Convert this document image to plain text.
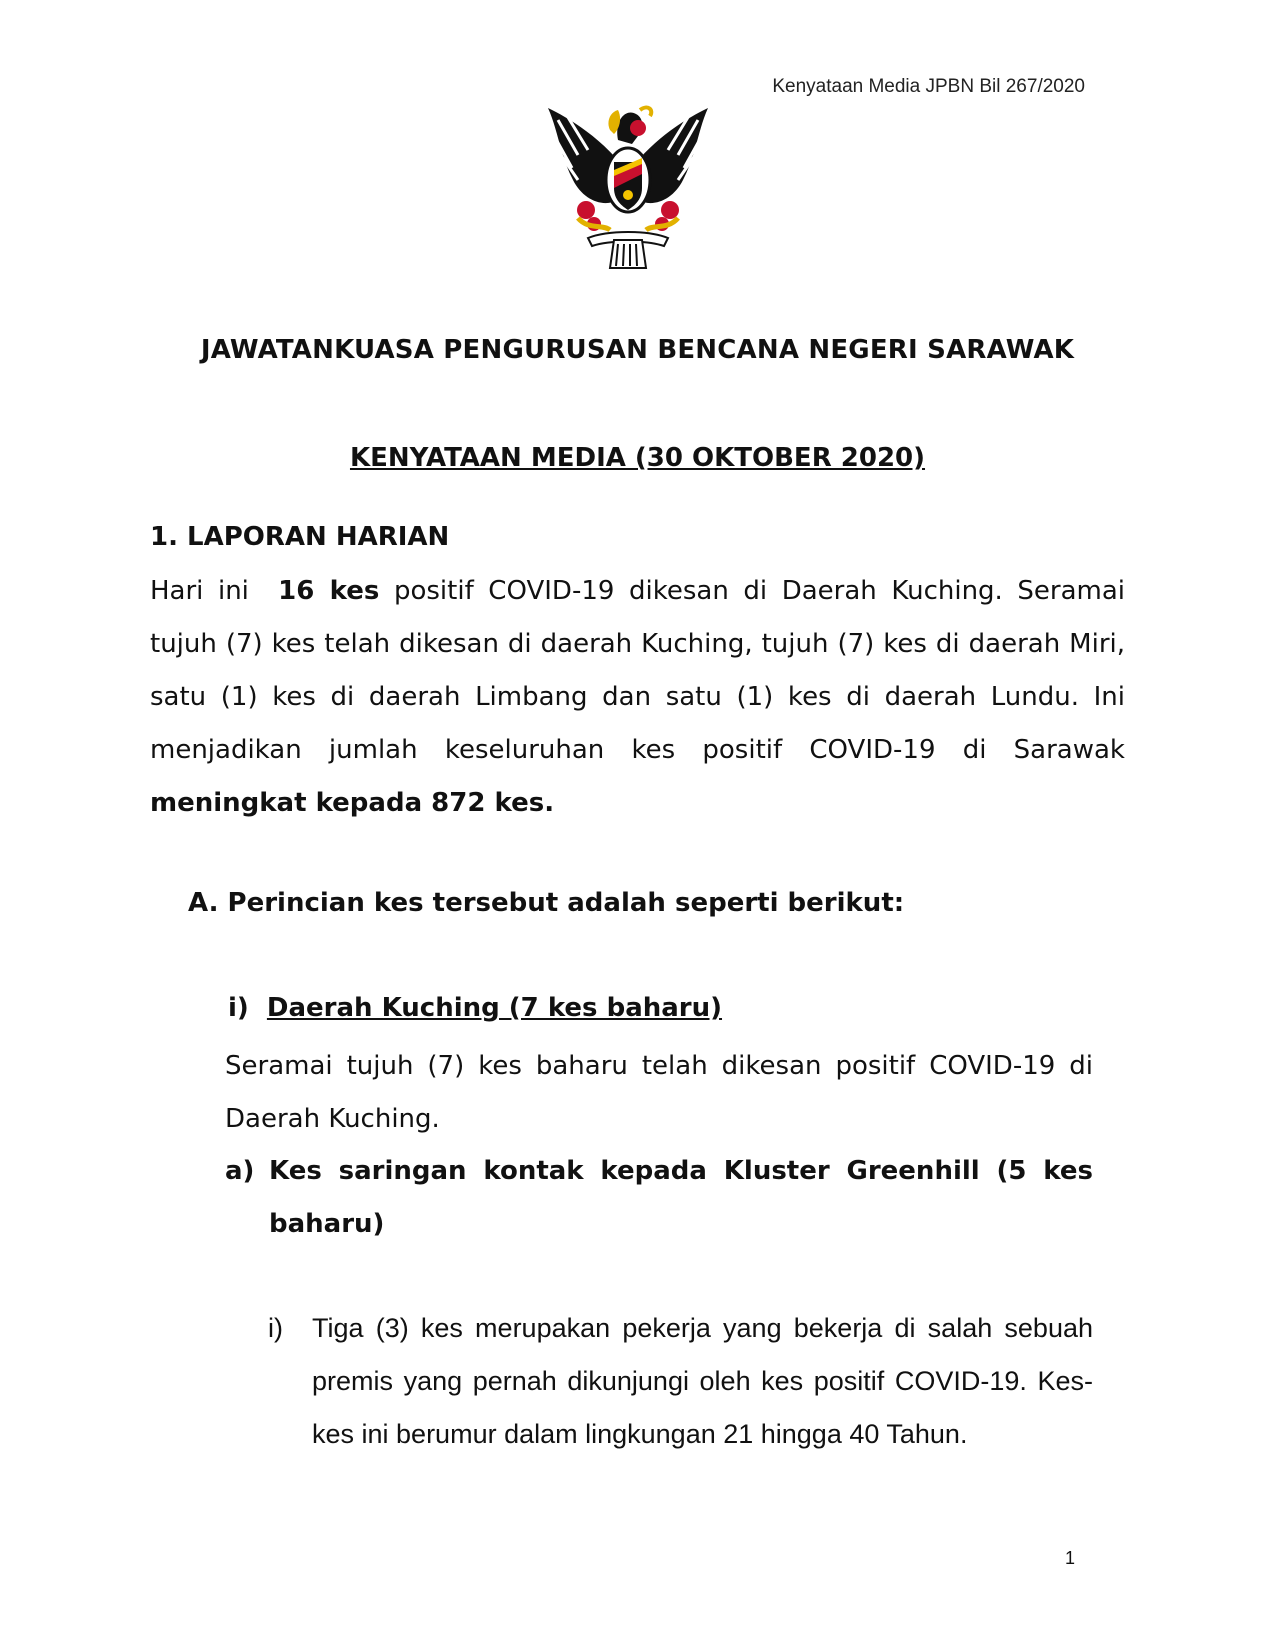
Kenyataan Media JPBN Bil 267/2020
JAWATANKUASA PENGURUSAN BENCANA NEGERI SARAWAK
KENYATAAN MEDIA (30 OKTOBER 2020)
1. LAPORAN HARIAN

Hari ini 16 kes positif COVID-19 dikesan di Daerah Kuching. Seramai tujuh (7) kes telah dikesan di daerah Kuching, tujuh (7) kes di daerah Miri, satu (1) kes di daerah Limbang dan satu (1) kes di daerah Lundu. Ini menjadikan jumlah keseluruhan kes positif COVID-19 di Sarawak meningkat kepada 872 kes.

A. Perincian kes tersebut adalah seperti berikut:
i) Daerah Kuching (7 kes baharu)

Seramai tujuh (7) kes baharu telah dikesan positif COVID-19 di Daerah Kuching.

a) Kes saringan kontak kepada Kluster Greenhill (5 kes baharu)
i)	Tiga (3) kes merupakan pekerja yang bekerja di salah sebuah premis yang pernah dikunjungi oleh kes positif COVID-19. Kes-kes ini berumur dalam lingkungan 21 hingga 40 Tahun.
1
